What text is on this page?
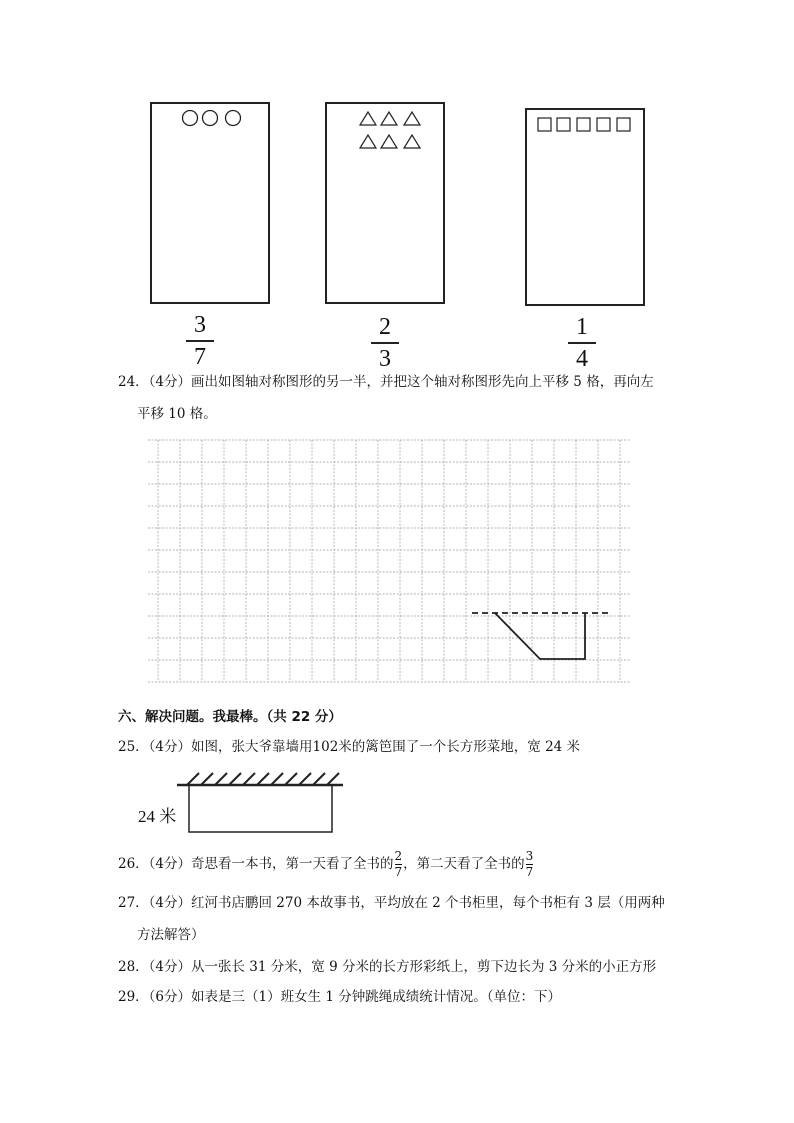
3
7
2
3
1
4
24．（4分）画出如图轴对称图形的另一半，并把这个轴对称图形先向上平移 5 格，再向左
平移 10 格。
六、解决问题。我最棒。（共 22 分）
25．（4分）如图，张大爷靠墙用102米的篱笆围了一个长方形菜地，宽 24 米
24 米
26．（4分）奇思看一本书，第一天看了全书的 $\frac{2}{7}$ ，第二天看了全书的 $\frac{3}{7}$
27．（4分）红河书店鹏回 270 本故事书，平均放在 2 个书柜里，每个书柜有 3 层（用两种
方法解答）
28．（4分）从一张长 31 分米，宽 9 分米的长方形彩纸上，剪下边长为 3 分米的小正方形
29．（6分）如表是三（1）班女生 1 分钟跳绳成绩统计情况。（单位：下）
